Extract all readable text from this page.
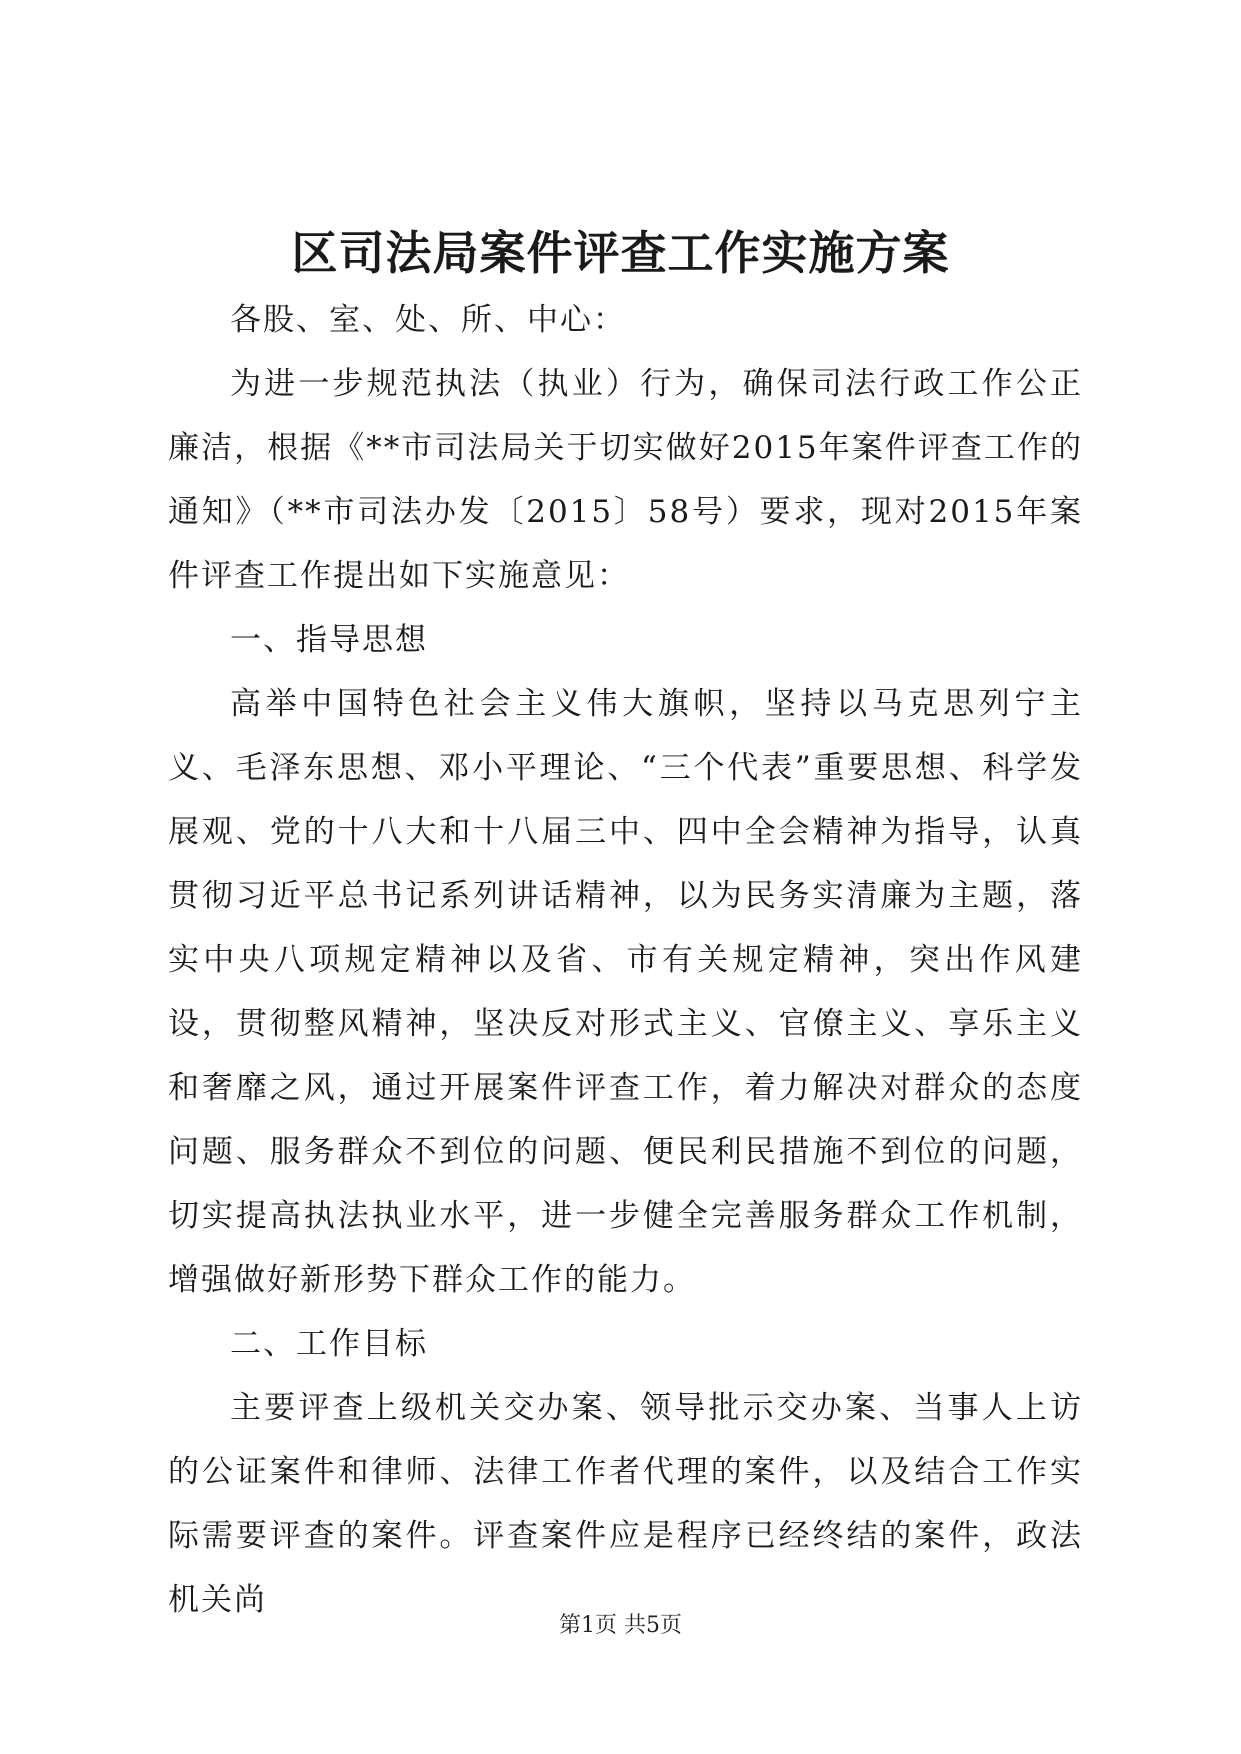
区司法局案件评查工作实施方案

各股、室、处、所、中心：

为进一步规范执法（执业）行为，确保司法行政工作公正廉洁，根据《**市司法局关于切实做好2015年案件评查工作的通知》（**市司法办发〔2015〕58号）要求，现对2015年案件评查工作提出如下实施意见：

一、指导思想

高举中国特色社会主义伟大旗帜，坚持以马克思列宁主义、毛泽东思想、邓小平理论、“三个代表”重要思想、科学发展观、党的十八大和十八届三中、四中全会精神为指导，认真贯彻习近平总书记系列讲话精神，以为民务实清廉为主题，落实中央八项规定精神以及省、市有关规定精神，突出作风建设，贯彻整风精神，坚决反对形式主义、官僚主义、享乐主义和奢靡之风，通过开展案件评查工作，着力解决对群众的态度问题、服务群众不到位的问题、便民利民措施不到位的问题，切实提高执法执业水平，进一步健全完善服务群众工作机制，增强做好新形势下群众工作的能力。

二、工作目标

主要评查上级机关交办案、领导批示交办案、当事人上访的公证案件和律师、法律工作者代理的案件，以及结合工作实际需要评查的案件。评查案件应是程序已经终结的案件，政法机关尚

第1页 共5页
